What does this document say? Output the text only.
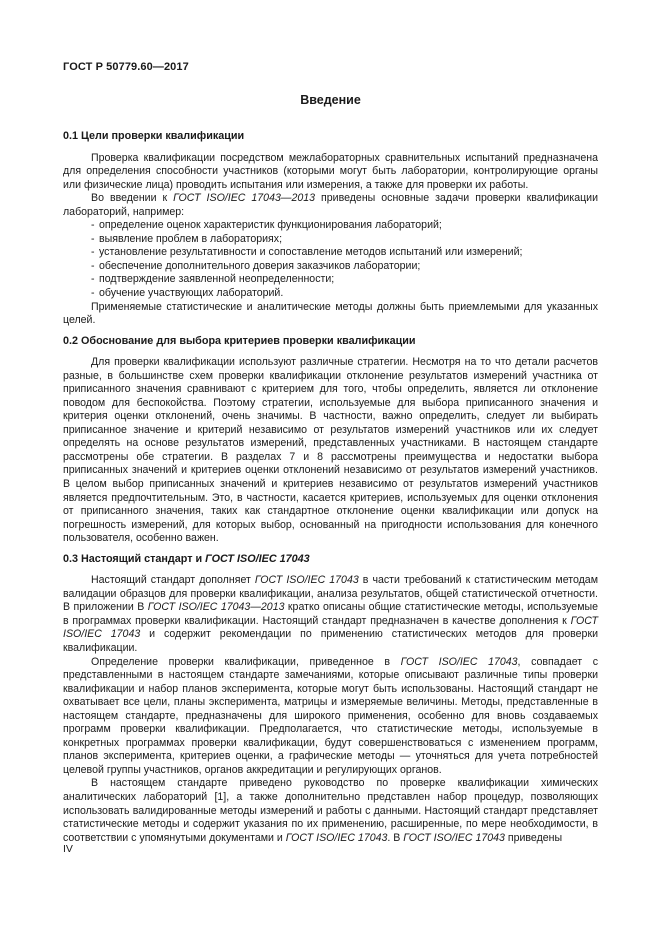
ГОСТ Р 50779.60—2017
Введение
0.1 Цели проверки квалификации

Проверка квалификации посредством межлабораторных сравнительных испытаний предназначена для определения способности участников (которыми могут быть лаборатории, контролирующие органы или физические лица) проводить испытания или измерения, а также для проверки их работы.

Во введении к ГОСТ ISO/IEC 17043—2013 приведены основные задачи проверки квалификации лабораторий, например:

- определение оценок характеристик функционирования лабораторий;
- выявление проблем в лабораториях;
- установление результативности и сопоставление методов испытаний или измерений;
- обеспечение дополнительного доверия заказчиков лаборатории;
- подтверждение заявленной неопределенности;
- обучение участвующих лабораторий.

Применяемые статистические и аналитические методы должны быть приемлемыми для указанных целей.

0.2 Обоснование для выбора критериев проверки квалификации

Для проверки квалификации используют различные стратегии. Несмотря на то что детали расчетов разные, в большинстве схем проверки квалификации отклонение результатов измерений участника от приписанного значения сравнивают с критерием для того, чтобы определить, является ли отклонение поводом для беспокойства. Поэтому стратегии, используемые для выбора приписанного значения и критерия оценки отклонений, очень значимы. В частности, важно определить, следует ли выбирать приписанное значение и критерий независимо от результатов измерений участников или их следует определять на основе результатов измерений, представленных участниками. В настоящем стандарте рассмотрены обе стратегии. В разделах 7 и 8 рассмотрены преимущества и недостатки выбора приписанных значений и критериев оценки отклонений независимо от результатов измерений участников. В целом выбор приписанных значений и критериев независимо от результатов измерений участников является предпочтительным. Это, в частности, касается критериев, используемых для оценки отклонения от приписанного значения, таких как стандартное отклонение оценки квалификации или допуск на погрешность измерений, для которых выбор, основанный на пригодности использования для конечного пользователя, особенно важен.

0.3 Настоящий стандарт и ГОСТ ISO/IEC 17043

Настоящий стандарт дополняет ГОСТ ISO/IEC 17043 в части требований к статистическим методам валидации образцов для проверки квалификации, анализа результатов, общей статистической отчетности. В приложении В ГОСТ ISO/IEC 17043—2013 кратко описаны общие статистические методы, используемые в программах проверки квалификации. Настоящий стандарт предназначен в качестве дополнения к ГОСТ ISO/IEC 17043 и содержит рекомендации по применению статистических методов для проверки квалификации.

Определение проверки квалификации, приведенное в ГОСТ ISO/IEC 17043, совпадает с представленными в настоящем стандарте замечаниями, которые описывают различные типы проверки квалификации и набор планов эксперимента, которые могут быть использованы. Настоящий стандарт не охватывает все цели, планы эксперимента, матрицы и измеряемые величины. Методы, представленные в настоящем стандарте, предназначены для широкого применения, особенно для вновь создаваемых программ проверки квалификации. Предполагается, что статистические методы, используемые в конкретных программах проверки квалификации, будут совершенствоваться с изменением программ, планов эксперимента, критериев оценки, а графические методы — уточняться для учета потребностей целевой группы участников, органов аккредитации и регулирующих органов.

В настоящем стандарте приведено руководство по проверке квалификации химических аналитических лабораторий [1], а также дополнительно представлен набор процедур, позволяющих использовать валидированные методы измерений и работы с данными. Настоящий стандарт представляет статистические методы и содержит указания по их применению, расширенные, по мере необходимости, в соответствии с упомянутыми документами и ГОСТ ISO/IEC 17043. В ГОСТ ISO/IEC 17043 приведены

IV
